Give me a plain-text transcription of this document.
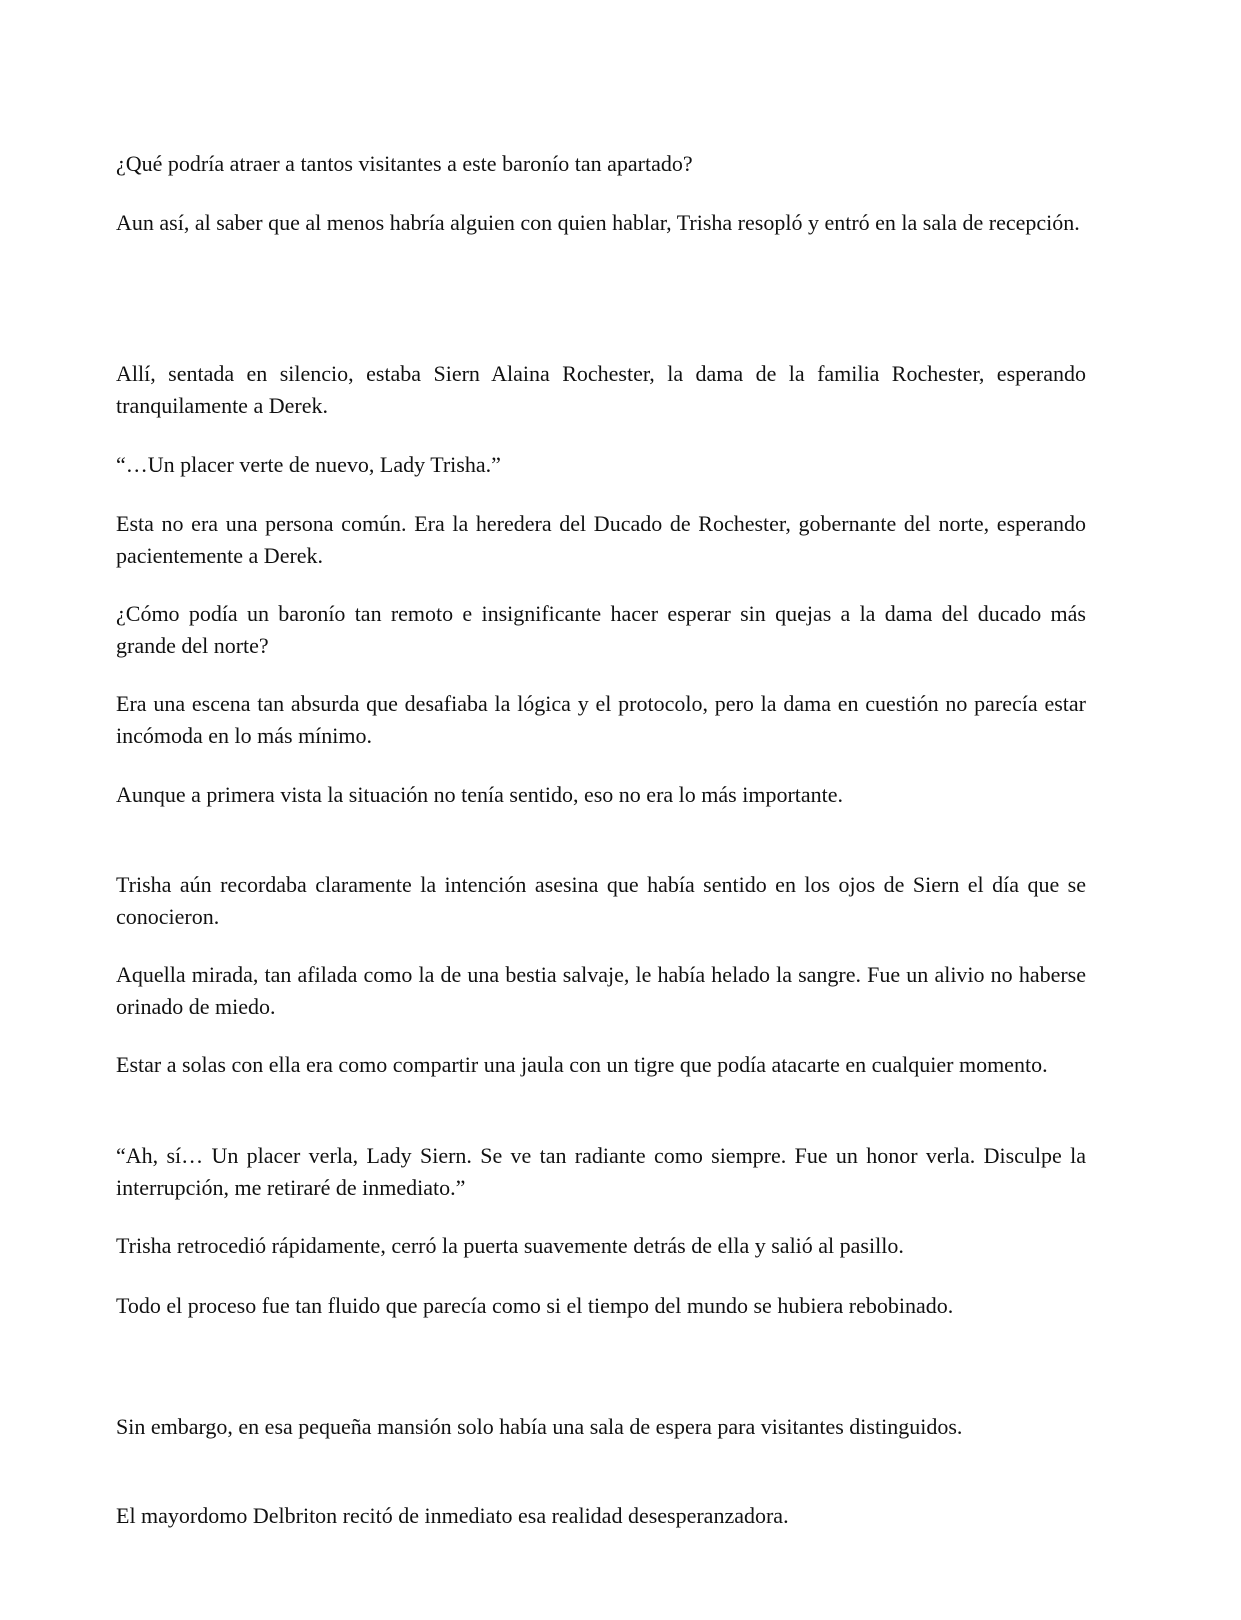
¿Qué podría atraer a tantos visitantes a este baronío tan apartado?

Aun así, al saber que al menos habría alguien con quien hablar, Trisha resopló y entró en la sala de recepción.

Allí, sentada en silencio, estaba Siern Alaina Rochester, la dama de la familia Rochester, esperando tranquilamente a Derek.

“…Un placer verte de nuevo, Lady Trisha.”

Esta no era una persona común. Era la heredera del Ducado de Rochester, gobernante del norte, esperando pacientemente a Derek.

¿Cómo podía un baronío tan remoto e insignificante hacer esperar sin quejas a la dama del ducado más grande del norte?

Era una escena tan absurda que desafiaba la lógica y el protocolo, pero la dama en cuestión no parecía estar incómoda en lo más mínimo.

Aunque a primera vista la situación no tenía sentido, eso no era lo más importante.

Trisha aún recordaba claramente la intención asesina que había sentido en los ojos de Siern el día que se conocieron.

Aquella mirada, tan afilada como la de una bestia salvaje, le había helado la sangre. Fue un alivio no haberse orinado de miedo.

Estar a solas con ella era como compartir una jaula con un tigre que podía atacarte en cualquier momento.

“Ah, sí… Un placer verla, Lady Siern. Se ve tan radiante como siempre. Fue un honor verla. Disculpe la interrupción, me retiraré de inmediato.”

Trisha retrocedió rápidamente, cerró la puerta suavemente detrás de ella y salió al pasillo.

Todo el proceso fue tan fluido que parecía como si el tiempo del mundo se hubiera rebobinado.

Sin embargo, en esa pequeña mansión solo había una sala de espera para visitantes distinguidos.

El mayordomo Delbriton recitó de inmediato esa realidad desesperanzadora.
